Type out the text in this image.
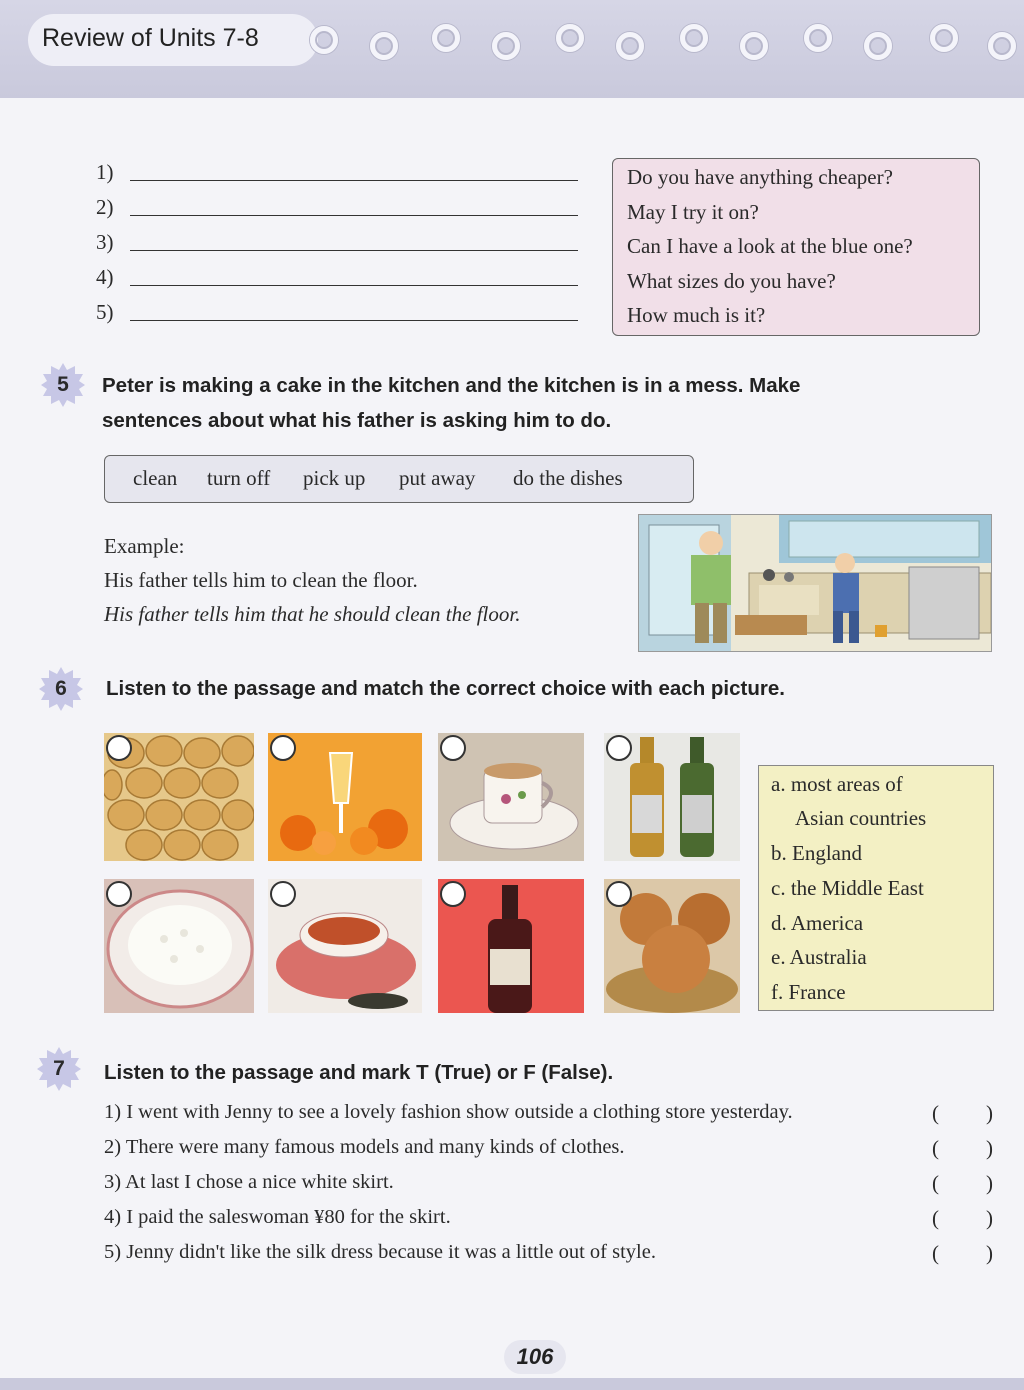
Review of Units 7-8
1)
2)
3)
4)
5)
Do you have anything cheaper?
May I try it on?
Can I have a look at the blue one?
What sizes do you have?
How much is it?
5	Peter is making a cake in the kitchen and the kitchen is in a mess. Make
sentences about what his father is asking him to do.
clean turn off pick up put away do the dishes
Example:
His father tells him to clean the floor.
His father tells him that he should clean the floor.
6	Listen to the passage and match the correct choice with each picture.
a. most areas of
Asian countries
b. England
c. the Middle East
d. America
e. Australia
f. France
7	Listen to the passage and mark T (True) or F (False).
1) I went with Jenny to see a lovely fashion show outside a clothing store yesterday.
2) There were many famous models and many kinds of clothes.
3) At last I chose a nice white skirt.
4) I paid the saleswoman ¥80 for the skirt.
5) Jenny didn't like the silk dress because it was a little out of style.
( )
( )
( )
( )
( )
106
